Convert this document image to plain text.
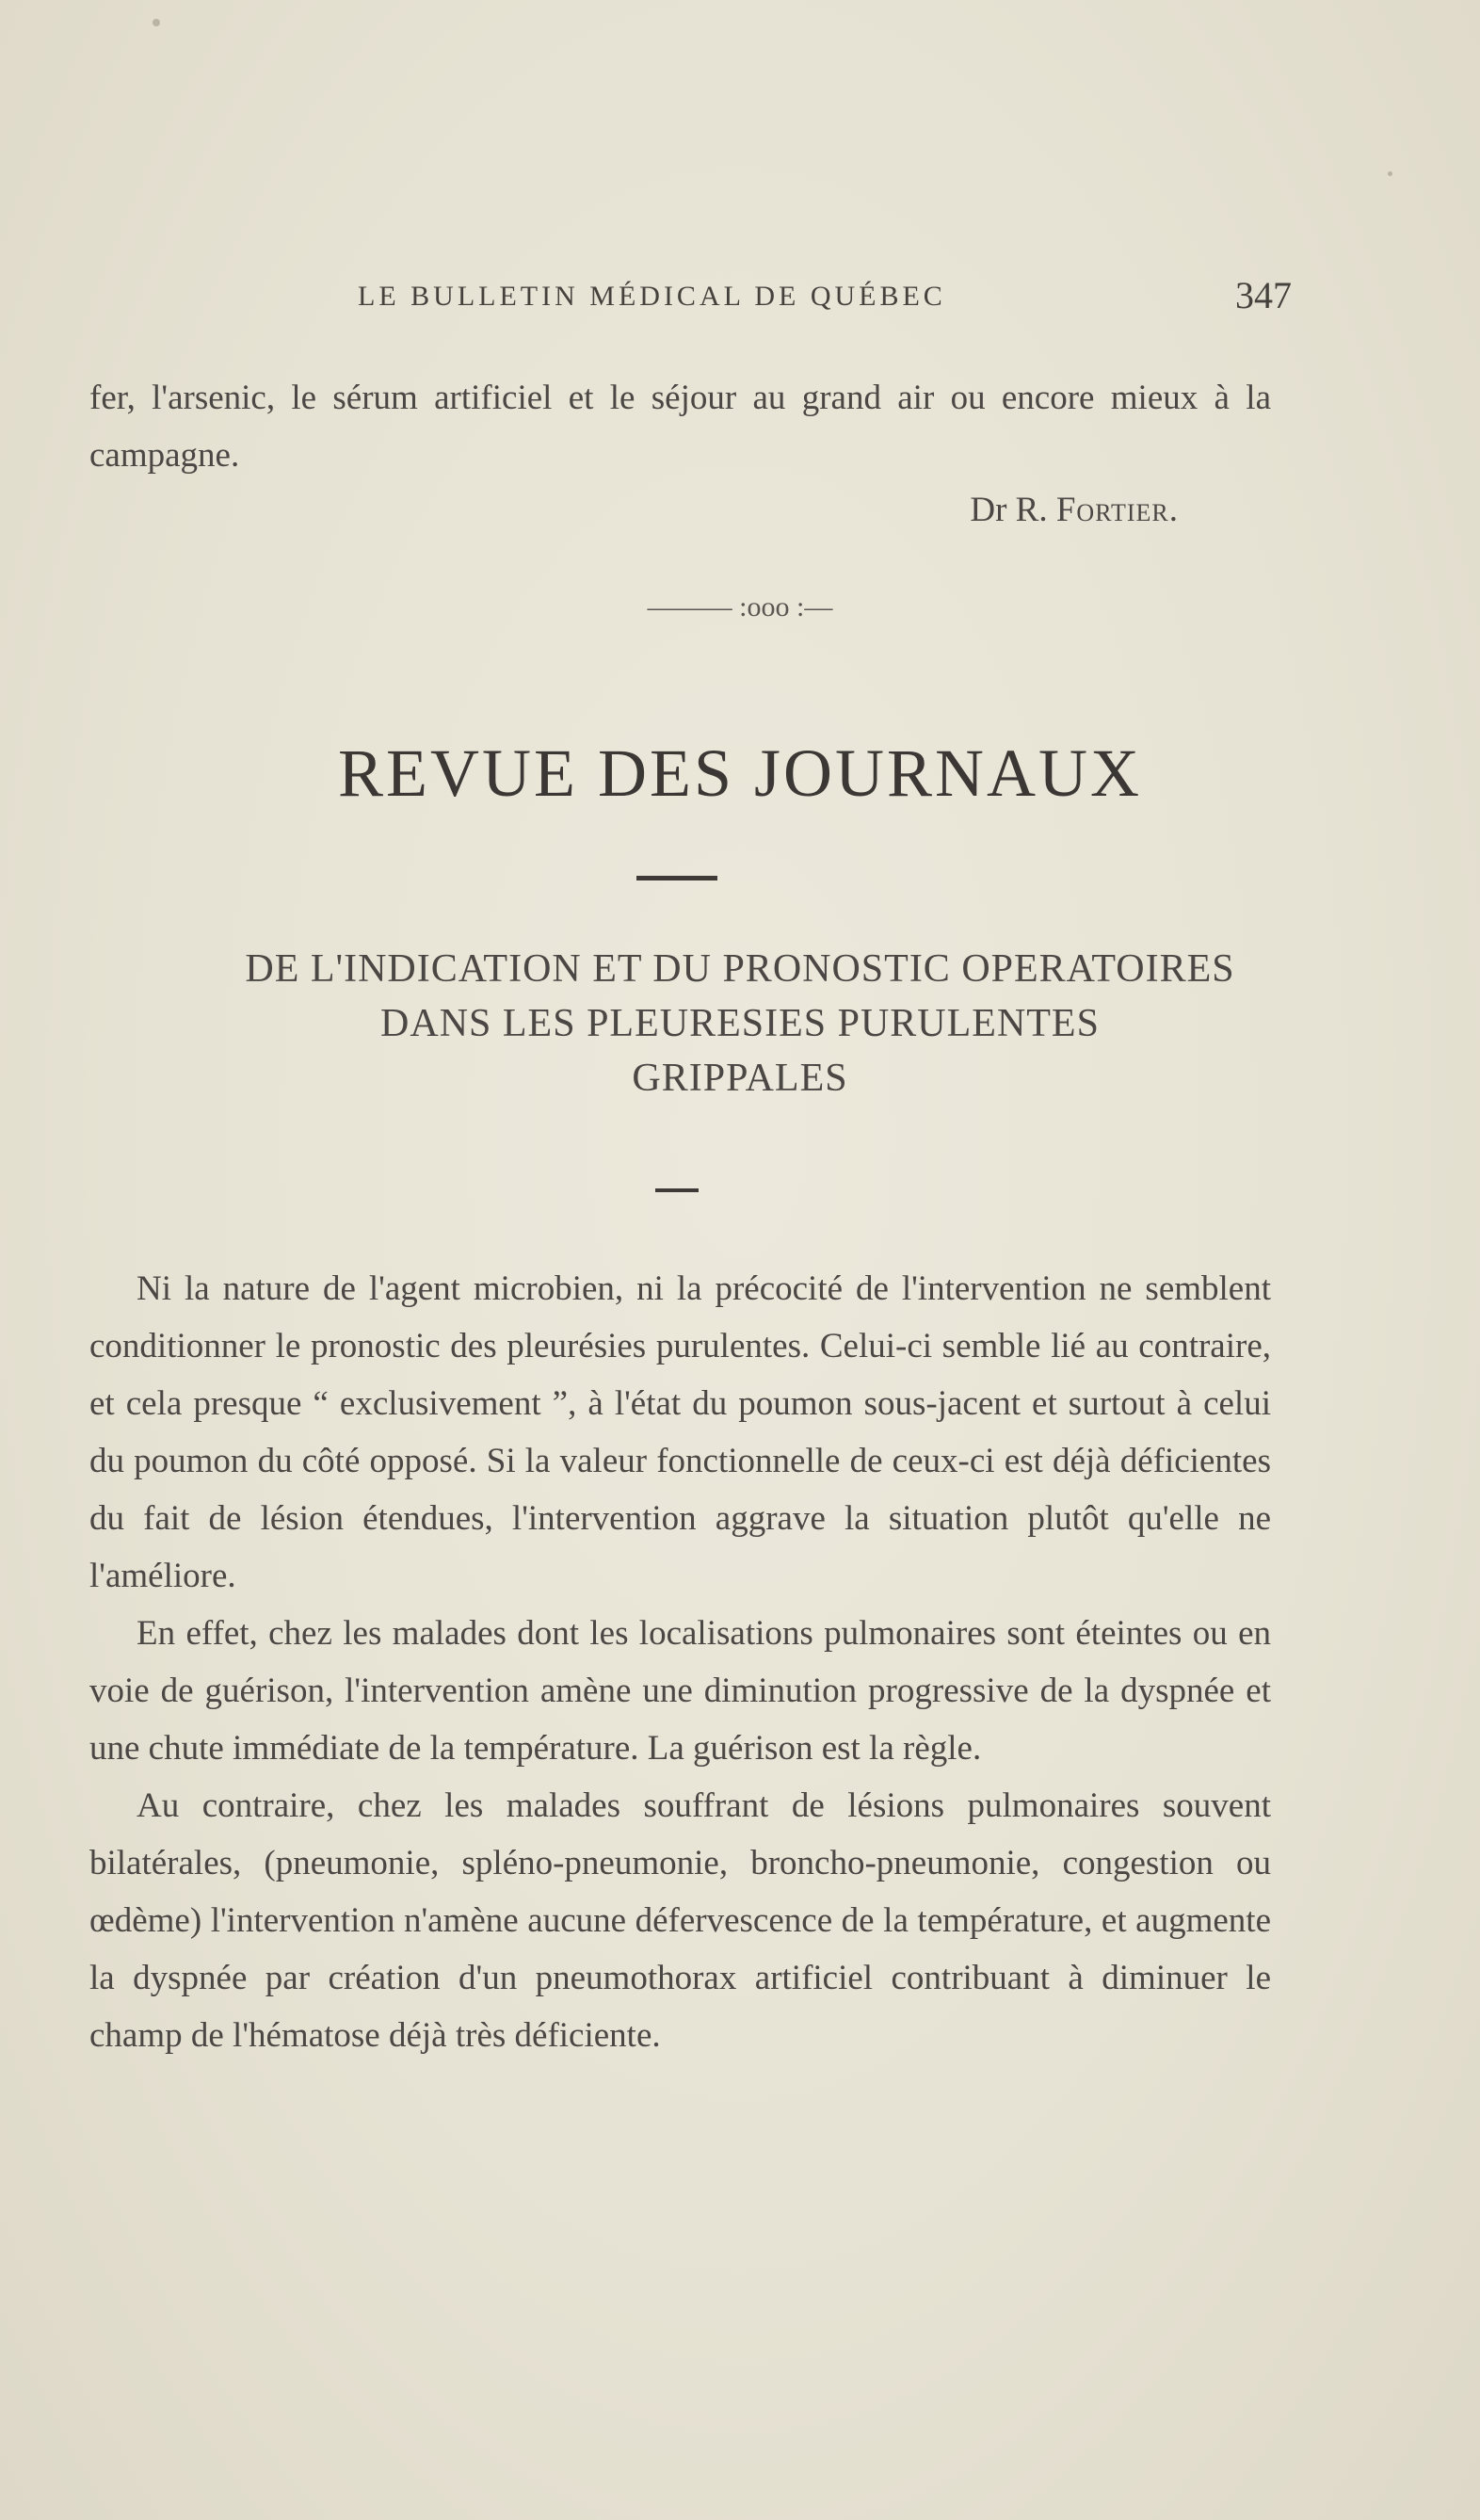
LE BULLETIN MÉDICAL DE QUÉBEC	347

fer, l'arsenic, le sérum artificiel et le séjour au grand air ou encore mieux à la campagne.

Dr R. Fortier.
——— :ooo :—
REVUE DES JOURNAUX
DE L'INDICATION ET DU PRONOSTIC OPERATOIRES
DANS LES PLEURESIES PURULENTES
GRIPPALES

Ni la nature de l'agent microbien, ni la précocité de l'intervention ne semblent conditionner le pronostic des pleurésies purulentes. Celui-ci semble lié au contraire, et cela presque “ exclusivement ”, à l'état du poumon sous-jacent et surtout à celui du poumon du côté opposé. Si la valeur fonctionnelle de ceux-ci est déjà déficientes du fait de lésion étendues, l'intervention aggrave la situation plutôt qu'elle ne l'améliore.

En effet, chez les malades dont les localisations pulmonaires sont éteintes ou en voie de guérison, l'intervention amène une diminution progressive de la dyspnée et une chute immédiate de la température. La guérison est la règle.

Au contraire, chez les malades souffrant de lésions pulmonaires souvent bilatérales, (pneumonie, spléno-pneumonie, broncho-pneumonie, congestion ou œdème) l'intervention n'amène aucune défervescence de la température, et augmente la dyspnée par création d'un pneumothorax artificiel contribuant à diminuer le champ de l'hématose déjà très déficiente.
